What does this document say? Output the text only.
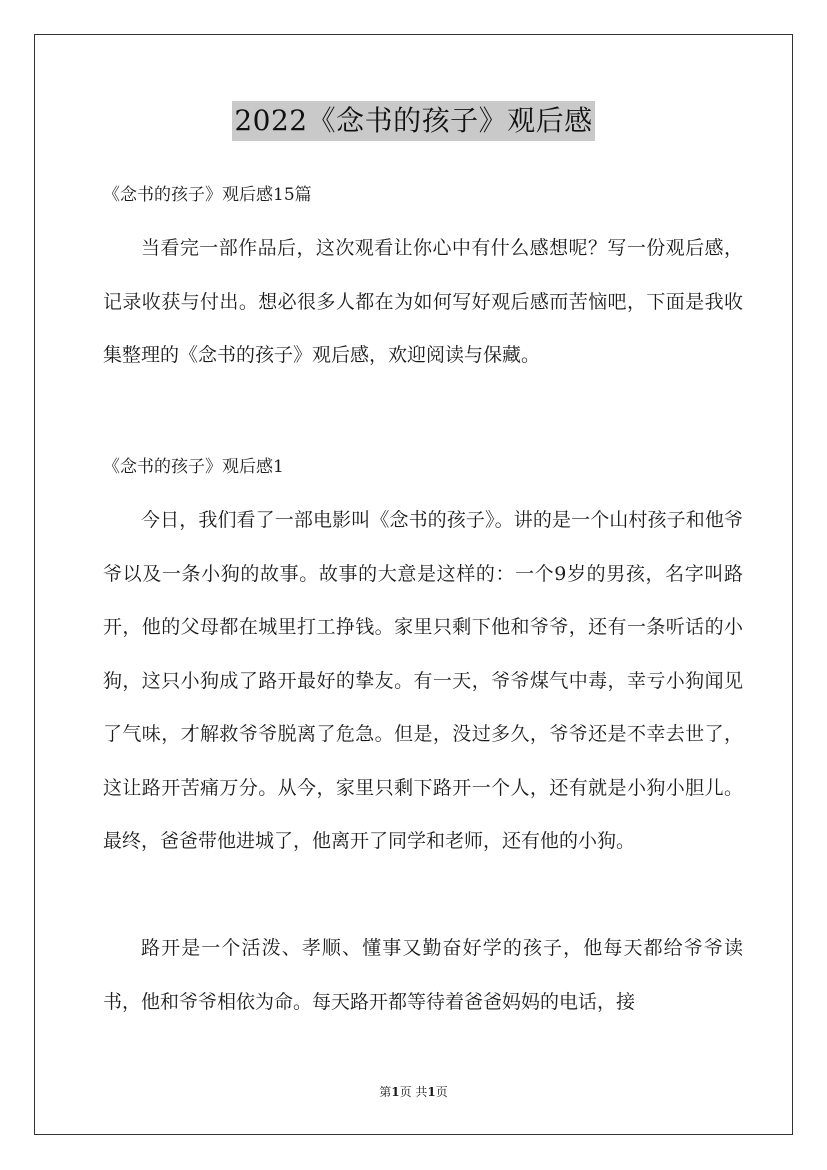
2022《念书的孩子》观后感
《念书的孩子》观后感15篇

当看完一部作品后，这次观看让你心中有什么感想呢？写一份观后感，记录收获与付出。想必很多人都在为如何写好观后感而苦恼吧，下面是我收集整理的《念书的孩子》观后感，欢迎阅读与保藏。

《念书的孩子》观后感1

今日，我们看了一部电影叫《念书的孩子》。讲的是一个山村孩子和他爷爷以及一条小狗的故事。故事的大意是这样的：一个9岁的男孩，名字叫路开，他的父母都在城里打工挣钱。家里只剩下他和爷爷，还有一条听话的小狗，这只小狗成了路开最好的挚友。有一天，爷爷煤气中毒，幸亏小狗闻见了气味，才解救爷爷脱离了危急。但是，没过多久，爷爷还是不幸去世了，这让路开苦痛万分。从今，家里只剩下路开一个人，还有就是小狗小胆儿。最终，爸爸带他进城了，他离开了同学和老师，还有他的小狗。

路开是一个活泼、孝顺、懂事又勤奋好学的孩子，他每天都给爷爷读书，他和爷爷相依为命。每天路开都等待着爸爸妈妈的电话，接

第1页 共1页
